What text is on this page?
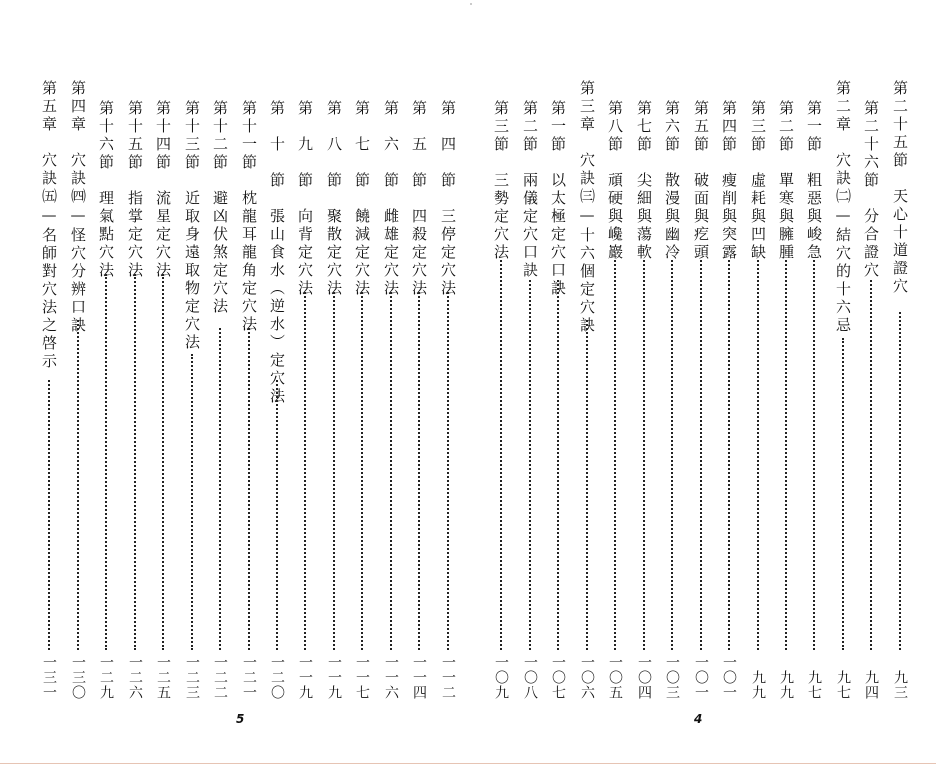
第二十五節　天心十道證穴
九三
第二十六節　分合證穴
九四
第二章　穴訣㈡—結穴的十六忌
九七
第一節　粗惡與峻急
九七
第二節　單寒與臃腫
九九
第三節　虛耗與凹缺
九九
第四節　瘦削與突露
一〇一
第五節　破面與疙頭
一〇一
第六節　散漫與幽冷
一〇三
第七節　尖細與蕩軟
一〇四
第八節　頑硬與巉巖
一〇五
第三章　穴訣㈢—十六個定穴訣
一〇六
第一節　以太極定穴口訣
一〇七
第二節　兩儀定穴口訣
一〇八
第三節　三勢定穴法
一〇九
第　四　節　三停定穴法
一一二
第　五　節　四殺定穴法
一一四
第　六　節　雌雄定穴法
一一六
第　七　節　饒減定穴法
一一七
第　八　節　聚散定穴法
一一九
第　九　節　向背定穴法
一一九
第　十　節　張山食水（逆水）定穴法
一二〇
第十一節　枕龍耳龍角定穴法
一二一
第十二節　避凶伏煞定穴法
一二二
第十三節　近取身遠取物定穴法
一二三
第十四節　流星定穴法
一二五
第十五節　指掌定穴法
一二六
第十六節　理氣點穴法
一二九
第四章　穴訣㈣—怪穴分辨口訣
一三〇
第五章　穴訣㈤—名師對穴法之啓示
一三一
5	4
